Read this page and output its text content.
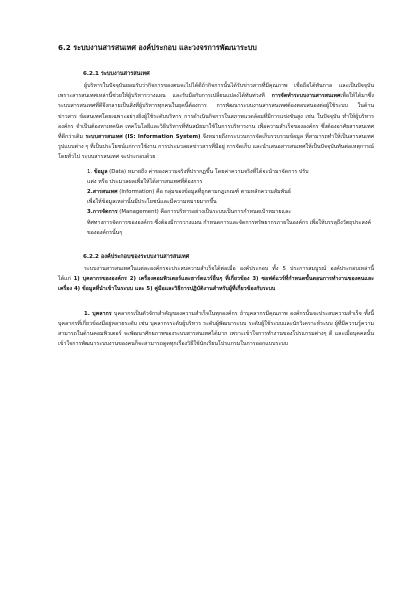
6.2 ระบบงานสารสนเทศ องค์ประกอบ และวงจรการพัฒนาระบบ
6.2.1 ระบบงานสารสนเทศ

ผู้บริหารในปัจจุบันยอมรับว่ากิจการของตนจะไปได้ดีถ้ากิจการนั้นได้รับข่าวสารที่มีคุณภาพ เชื่อถือได้ทันกาล และเป็นปัจจุบัน เพราะสารสนเทศเหล่านี้ช่วยให้ผู้บริหารวางแผน และรับมือกับการเปลี่ยนแปลงได้ทันท่วงที การจัดทำระบบงานสารสนเทศเพื่อให้ได้มาซึ่งระบบสารสนเทศที่ดีจึงกลายเป็นสิ่งที่ผู้บริหารทุกคนในยุคนี้ต้องการ การพัฒนาระบบงานสารสนเทศต้องตอบสนองต่อผู้ใช้ระบบ ในด้านข่าวสาร ข้อสนเทศโดยเฉพาะอย่างยิ่งผู้ใช้ระดับบริหาร การดำเนินกิจการในสภาพแวดล้อมที่มีการแข่งขันสูง เช่น ในปัจจุบัน ทำให้ผู้บริหารองค์กร จำเป็นต้องหาเทคนิค เทคโนโลยีและวิธีบริหารที่ทันสมัยมาใช้ในการบริหารงาน เพื่อความสำเร็จขององค์กร ซึ่งต้องอาศัยสารสนเทศที่ดีกว่าเดิม ระบบสารสนเทศ (IS: Information System) จึงหมายถึงกระบวนการจัดเก็บรวบรวมข้อมูล ที่สามารถทำให้เป็นสารสนเทศรูปแบบต่าง ๆ ที่เป็นประโยชน์แก่การใช้งาน การประมวลผลข่าวสารที่มีอยู่ การจัดเก็บ และนำเสนอสารสนเทศให้เป็นปัจจุบันทันต่อเหตุการณ์ โดยทั่วไป ระบบสารสนเทศ จะประกอบด้วย

1. ข้อมูล (Data) หมายถึง ค่าของความจริงที่ปรากฏขึ้น โดยค่าความจริงที่ได้จะนำมาจัดการ ปรับ
แต่ง หรือ ประมวลผลเพื่อให้ได้สารสนเทศที่ต้องการ
2.สารสนเทศ (Information) คือ กลุ่มของข้อมูลที่ถูกตามกฎเกณฑ์ ตามหลักความสัมพันธ์
เพื่อให้ข้อมูลเหล่านั้นมีประโยชน์และมีความหมายมากขึ้น
3.การจัดการ (Management) คือการบริหารอย่างเป็นระบบเป็นการกำหนดเป้าหมายและ
ทิศทางการจัดการขององค์กร ซึ่งต้องมีการวางแผน กำหนดการและจัดการทรัพยากรภายในองค์กร เพื่อให้บรรลุถึงวัตถุประสงค์ขององค์กรนั้นๆ
6.2.2 องค์ประกอบของระบบงานสารสนเทศ

ระบบงานสารสนเทศในแต่ละองค์กรจะประสบความสำเร็จได้ต่อเมื่อ องค์ประกอบ ทั้ง 5 ประการสมบูรณ์ องค์ประกอบเหล่านี้ ได้แก่ 1) บุคลากรขององค์กร 2) เครื่องคอมพิวเตอร์และฮาร์ดแวร์อื่นๆ ที่เกี่ยวข้อง 3) ซอฟต์แวร์ที่กำหนดขั้นตอนการทำงานของคนและเครื่อง 4) ข้อมูลที่นำเข้าในระบบ และ 5) คู่มือและวิธีการปฏิบัติงานสำหรับผู้ที่เกี่ยวข้องกับระบบ

1. บุคลากร บุคลากรเป็นตัวจักรสำคัญของความสำเร็จในทุกองค์กร ถ้าบุคลากรมีคุณภาพ องค์กรนั้นจะประสบความสำเร็จ ทั้งนี้บุคลากรที่เกี่ยวข้องมีอยู่หลายระดับ เช่น บุคลากรระดับผู้บริหาร ระดับผู้พัฒนาระบบ ระดับผู้ใช้ระบบและนักวิเคราะห์ระบบ ผู้ที่มีความรู้ความสามารถในด้านคอมพิวเตอร์ จะพัฒนาศักยภาพของระบบสารสนเทศได้มาก เพราะเข้าใจการทำงานของโปรแกรมต่างๆ ดี และเมื่อบุคคลนั้นเข้าใจการพัฒนาระบบงานของคนก็จะสามารถดูดทุกเรื่องวิธีใช้นักเรียนโปรแกรมในการออกแบบระบบ
